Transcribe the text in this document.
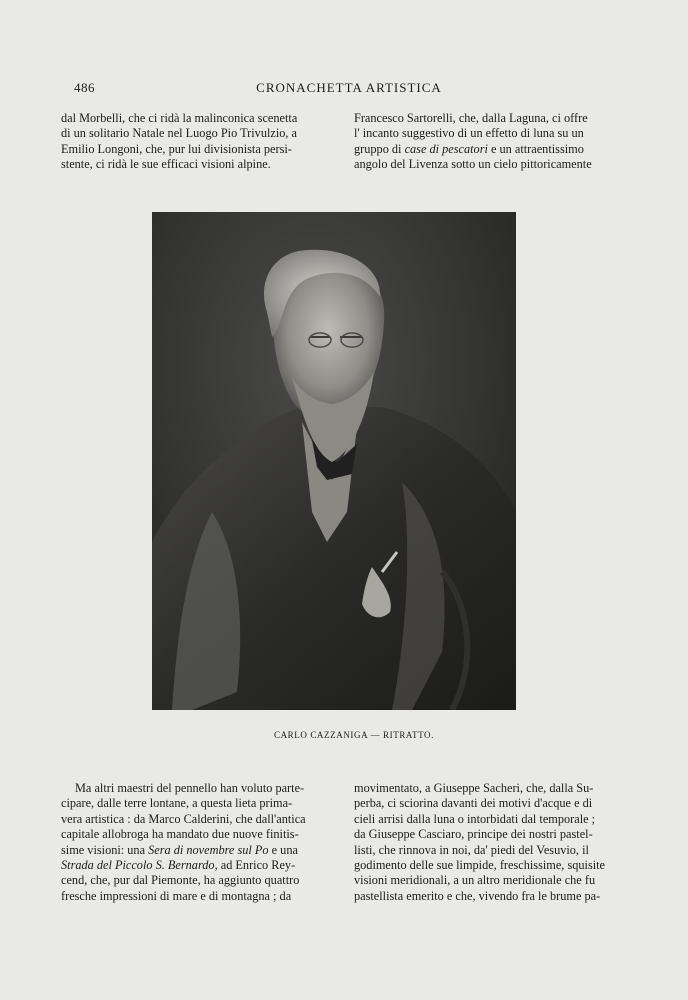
486	CRONACHETTA ARTISTICA

dal Morbelli, che ci ridà la malinconica scenetta

di un solitario Natale nel Luogo Pio Trivulzio, a

Emilio Longoni, che, pur lui divisionista persi-

stente, ci ridà le sue efficaci visioni alpine.

Francesco Sartorelli, che, dalla Laguna, ci offre

l' incanto suggestivo di un effetto di luna su un

gruppo di case di pescatori e un attraentissimo

angolo del Livenza sotto un cielo pittoricamente

CARLO CAZZANIGA — RITRATTO.

Ma altri maestri del pennello han voluto parte-

cipare, dalle terre lontane, a questa lieta prima-

vera artistica : da Marco Calderini, che dall'antica

capitale allobroga ha mandato due nuove finitis-

sime visioni: una Sera di novembre sul Po e una

Strada del Piccolo S. Bernardo, ad Enrico Rey-

cend, che, pur dal Piemonte, ha aggiunto quattro

fresche impressioni di mare e di montagna ; da

movimentato, a Giuseppe Sacheri, che, dalla Su-

perba, ci sciorina davanti dei motivi d'acque e di

cieli arrisi dalla luna o intorbidati dal temporale ;

da Giuseppe Casciaro, principe dei nostri pastel-

listi, che rinnova in noi, da' piedi del Vesuvio, il

godimento delle sue limpide, freschissime, squisite

visioni meridionali, a un altro meridionale che fu

pastellista emerito e che, vivendo fra le brume pa-
